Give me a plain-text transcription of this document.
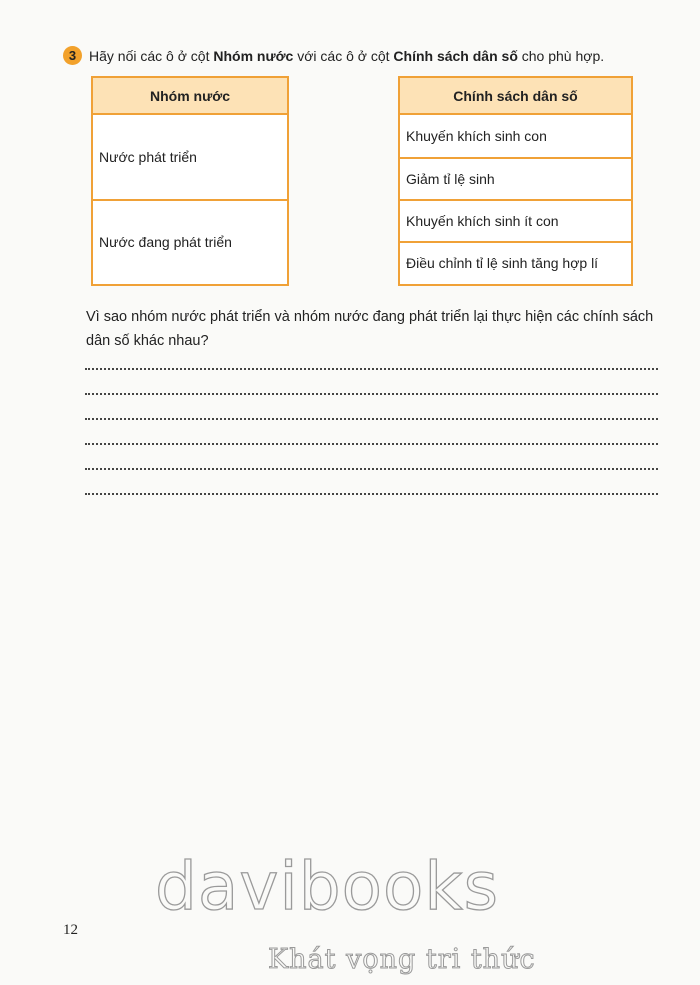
3 Hãy nối các ô ở cột Nhóm nước với các ô ở cột Chính sách dân số cho phù hợp.
Nhóm nước
Nước phát triển
Nước đang phát triển
Chính sách dân số
Khuyến khích sinh con
Giảm tỉ lệ sinh
Khuyến khích sinh ít con
Điều chỉnh tỉ lệ sinh tăng hợp lí
Vì sao nhóm nước phát triển và nhóm nước đang phát triển lại thực hiện các chính sách dân số khác nhau?
12
davibooks
Khát vọng tri thức
